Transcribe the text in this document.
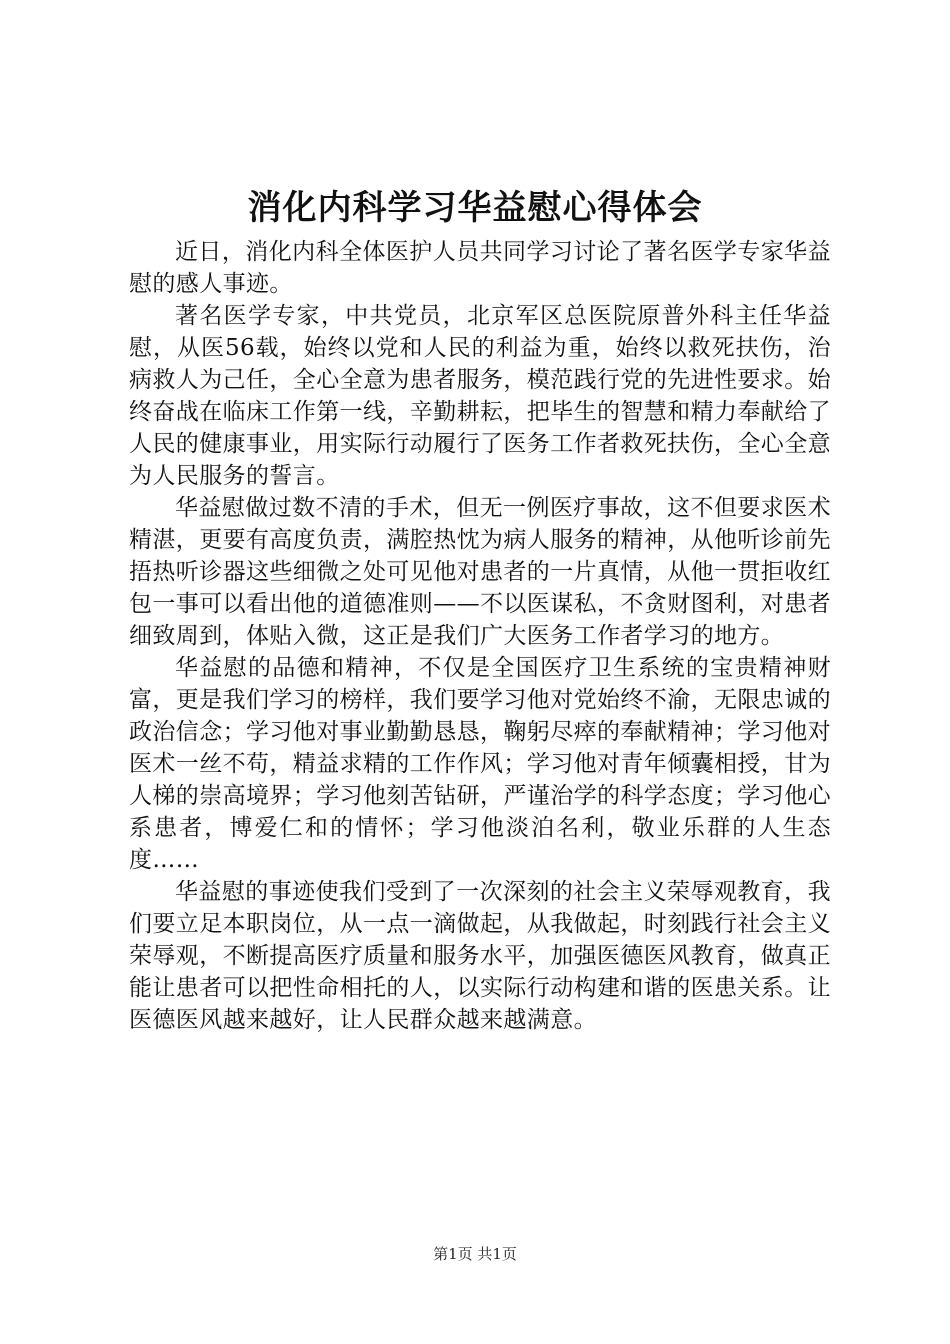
消化内科学习华益慰心得体会

近日，消化内科全体医护人员共同学习讨论了著名医学专家华益慰的感人事迹。

著名医学专家，中共党员，北京军区总医院原普外科主任华益慰，从医56载，始终以党和人民的利益为重，始终以救死扶伤，治病救人为己任，全心全意为患者服务，模范践行党的先进性要求。始终奋战在临床工作第一线，辛勤耕耘，把毕生的智慧和精力奉献给了人民的健康事业，用实际行动履行了医务工作者救死扶伤，全心全意为人民服务的誓言。

华益慰做过数不清的手术，但无一例医疗事故，这不但要求医术精湛，更要有高度负责，满腔热忱为病人服务的精神，从他听诊前先捂热听诊器这些细微之处可见他对患者的一片真情，从他一贯拒收红包一事可以看出他的道德准则——不以医谋私，不贪财图利，对患者细致周到，体贴入微，这正是我们广大医务工作者学习的地方。

华益慰的品德和精神，不仅是全国医疗卫生系统的宝贵精神财富，更是我们学习的榜样，我们要学习他对党始终不渝，无限忠诚的政治信念；学习他对事业勤勤恳恳，鞠躬尽瘁的奉献精神；学习他对医术一丝不苟，精益求精的工作作风；学习他对青年倾囊相授，甘为人梯的崇高境界；学习他刻苦钻研，严谨治学的科学态度；学习他心系患者，博爱仁和的情怀；学习他淡泊名利，敬业乐群的人生态度……

华益慰的事迹使我们受到了一次深刻的社会主义荣辱观教育，我们要立足本职岗位，从一点一滴做起，从我做起，时刻践行社会主义荣辱观，不断提高医疗质量和服务水平，加强医德医风教育，做真正能让患者可以把性命相托的人，以实际行动构建和谐的医患关系。让医德医风越来越好，让人民群众越来越满意。

第1页 共1页
